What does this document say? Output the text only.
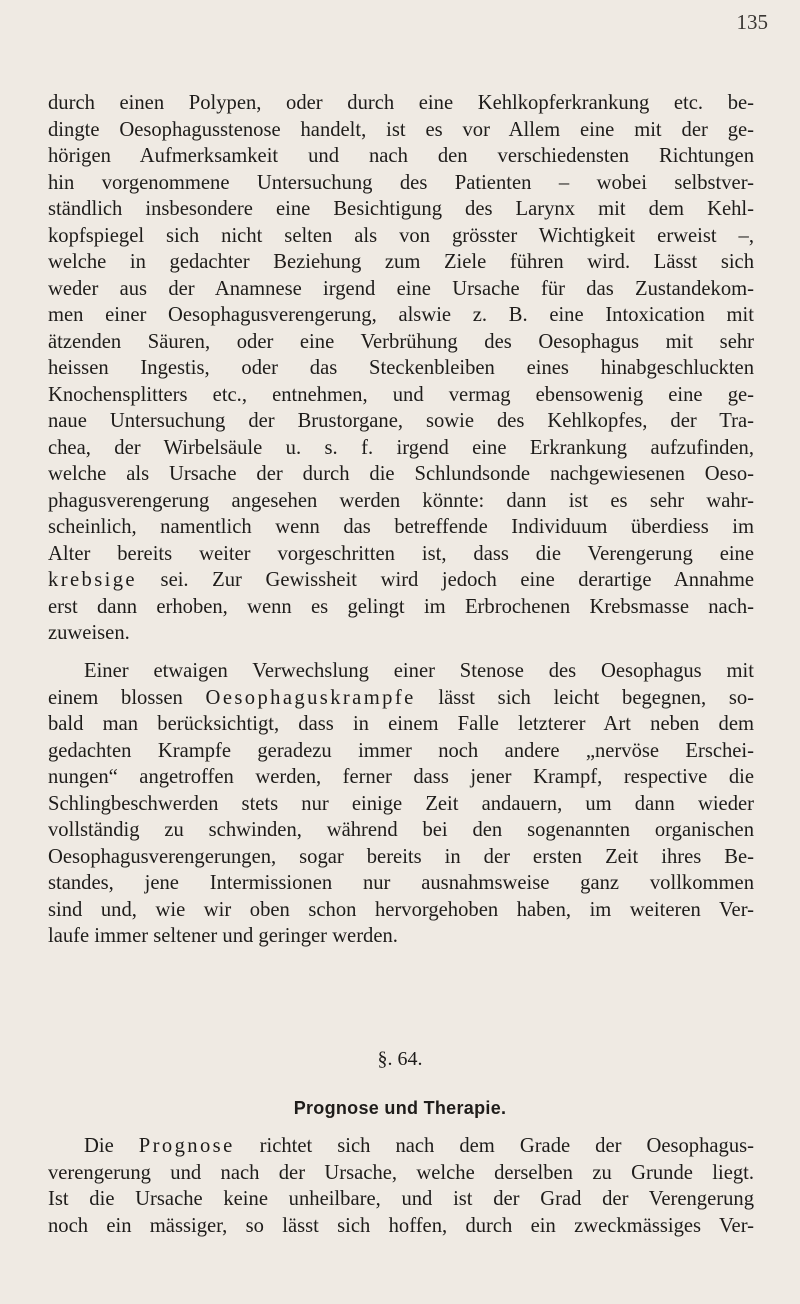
135
durch einen Polypen, oder durch eine Kehlkopferkrankung etc. be-
dingte Oesophagusstenose handelt, ist es vor Allem eine mit der ge-
hörigen Aufmerksamkeit und nach den verschiedensten Richtungen
hin vorgenommene Untersuchung des Patienten – wobei selbstver-
ständlich insbesondere eine Besichtigung des Larynx mit dem Kehl-
kopfspiegel sich nicht selten als von grösster Wichtigkeit erweist –,
welche in gedachter Beziehung zum Ziele führen wird. Lässt sich
weder aus der Anamnese irgend eine Ursache für das Zustandekom-
men einer Oesophagusverengerung, alswie z. B. eine Intoxication mit
ätzenden Säuren, oder eine Verbrühung des Oesophagus mit sehr
heissen Ingestis, oder das Steckenbleiben eines hinabgeschluckten
Knochensplitters etc., entnehmen, und vermag ebensowenig eine ge-
naue Untersuchung der Brustorgane, sowie des Kehlkopfes, der Tra-
chea, der Wirbelsäule u. s. f. irgend eine Erkrankung aufzufinden,
welche als Ursache der durch die Schlundsonde nachgewiesenen Oeso-
phagusverengerung angesehen werden könnte: dann ist es sehr wahr-
scheinlich, namentlich wenn das betreffende Individuum überdiess im
Alter bereits weiter vorgeschritten ist, dass die Verengerung eine
krebsige sei. Zur Gewissheit wird jedoch eine derartige Annahme
erst dann erhoben, wenn es gelingt im Erbrochenen Krebsmasse nach-
zuweisen.
Einer etwaigen Verwechslung einer Stenose des Oesophagus mit
einem blossen Oesophaguskrampfe lässt sich leicht begegnen, so-
bald man berücksichtigt, dass in einem Falle letzterer Art neben dem
gedachten Krampfe geradezu immer noch andere „nervöse Erschei-
nungen“ angetroffen werden, ferner dass jener Krampf, respective die
Schlingbeschwerden stets nur einige Zeit andauern, um dann wieder
vollständig zu schwinden, während bei den sogenannten organischen
Oesophagusverengerungen, sogar bereits in der ersten Zeit ihres Be-
standes, jene Intermissionen nur ausnahmsweise ganz vollkommen
sind und, wie wir oben schon hervorgehoben haben, im weiteren Ver-
laufe immer seltener und geringer werden.
§. 64.
Prognose und Therapie.
Die Prognose richtet sich nach dem Grade der Oesophagus-
verengerung und nach der Ursache, welche derselben zu Grunde liegt.
Ist die Ursache keine unheilbare, und ist der Grad der Verengerung
noch ein mässiger, so lässt sich hoffen, durch ein zweckmässiges Ver-
